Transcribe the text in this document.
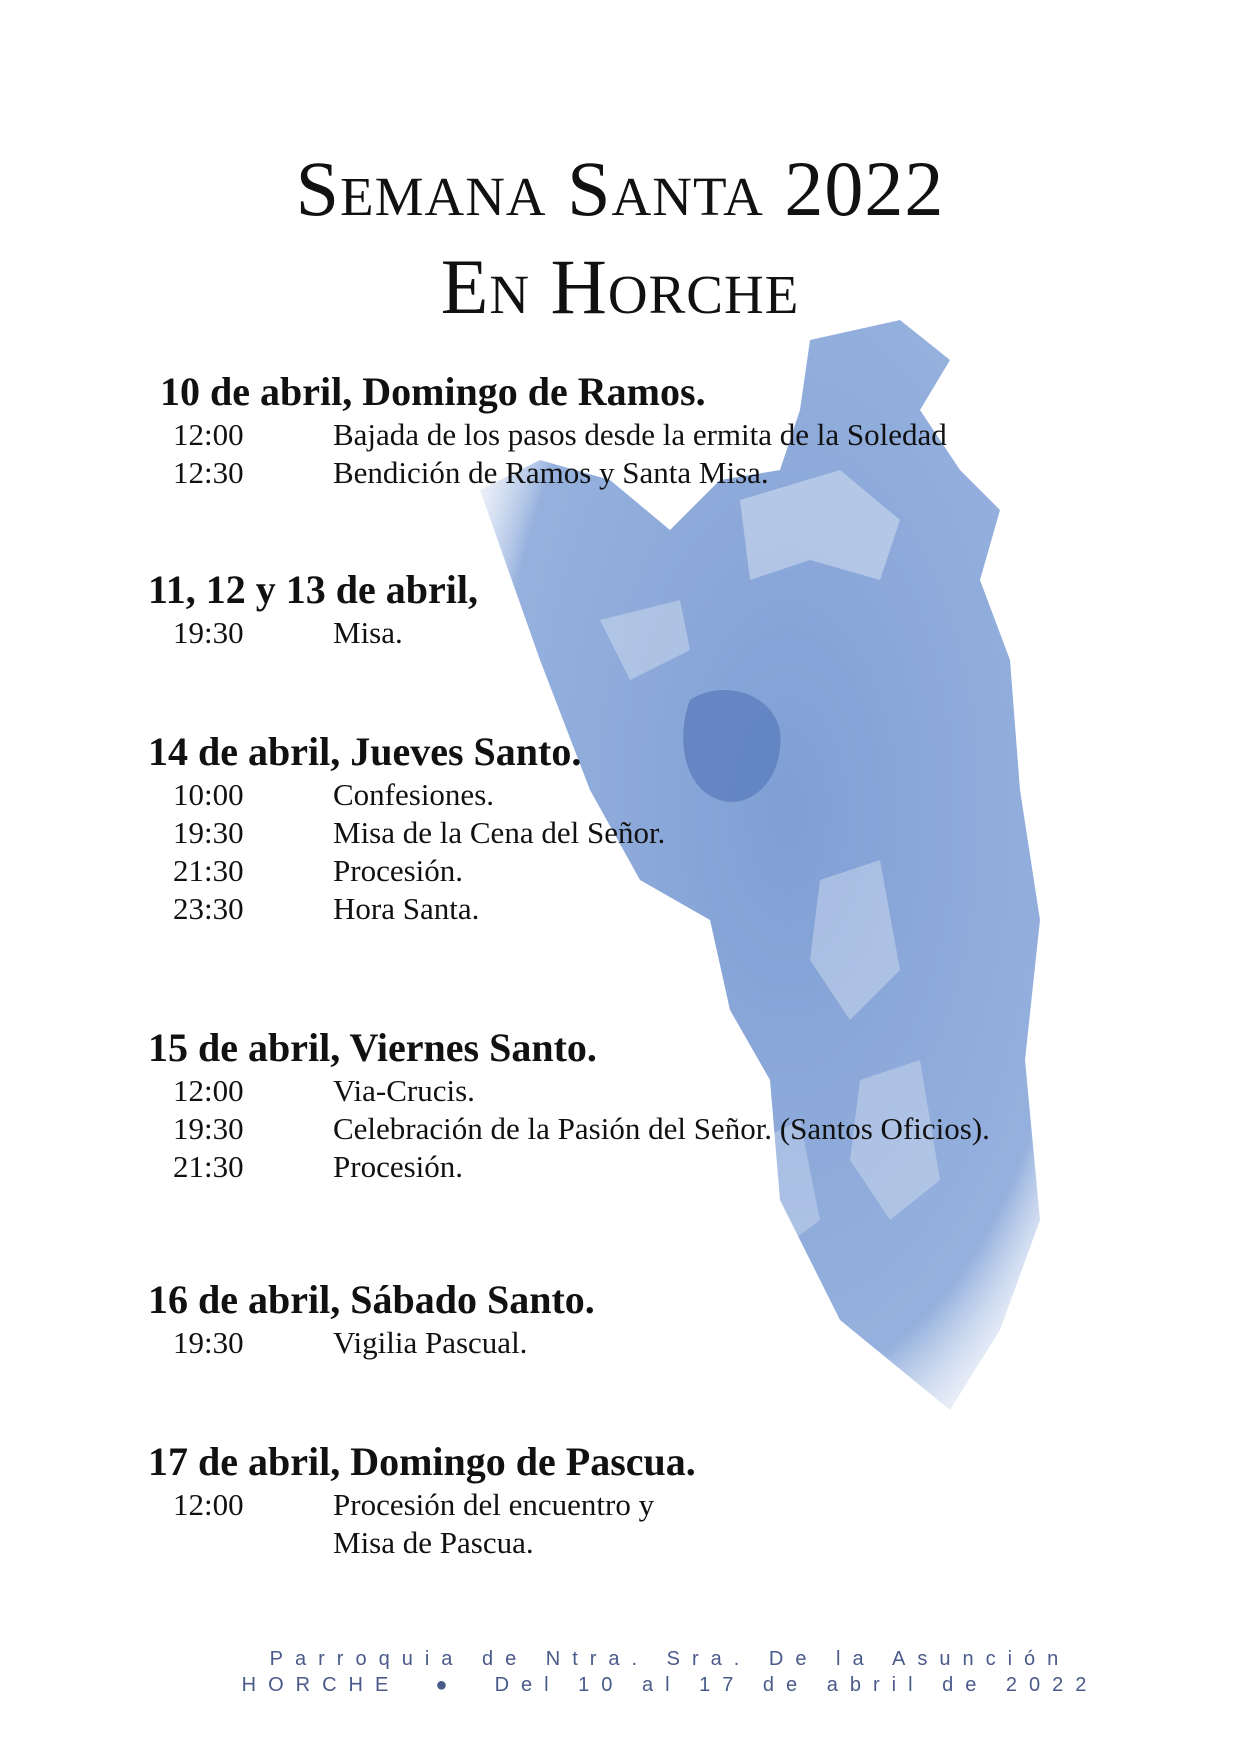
Semana Santa 2022
En Horche
10 de abril, Domingo de Ramos.
12:00	Bajada de los pasos desde la ermita de la Soledad
12:30	Bendición de Ramos y Santa Misa.
11, 12 y 13 de abril,
19:30	Misa.
14 de abril, Jueves Santo.
10:00	Confesiones.
19:30	Misa de la Cena del Señor.
21:30	Procesión.
23:30	Hora Santa.
15 de abril, Viernes Santo.
12:00	Via-Crucis.
19:30	Celebración de la Pasión del Señor. (Santos Oficios).
21:30	Procesión.
16 de abril, Sábado Santo.
19:30	Vigilia Pascual.
17 de abril, Domingo de Pascua.
12:00	Procesión del encuentro y
Misa de Pascua.
Parroquia de Ntra. Sra. De la Asunción
HORCHE  ●  Del 10 al 17 de abril de 2022
